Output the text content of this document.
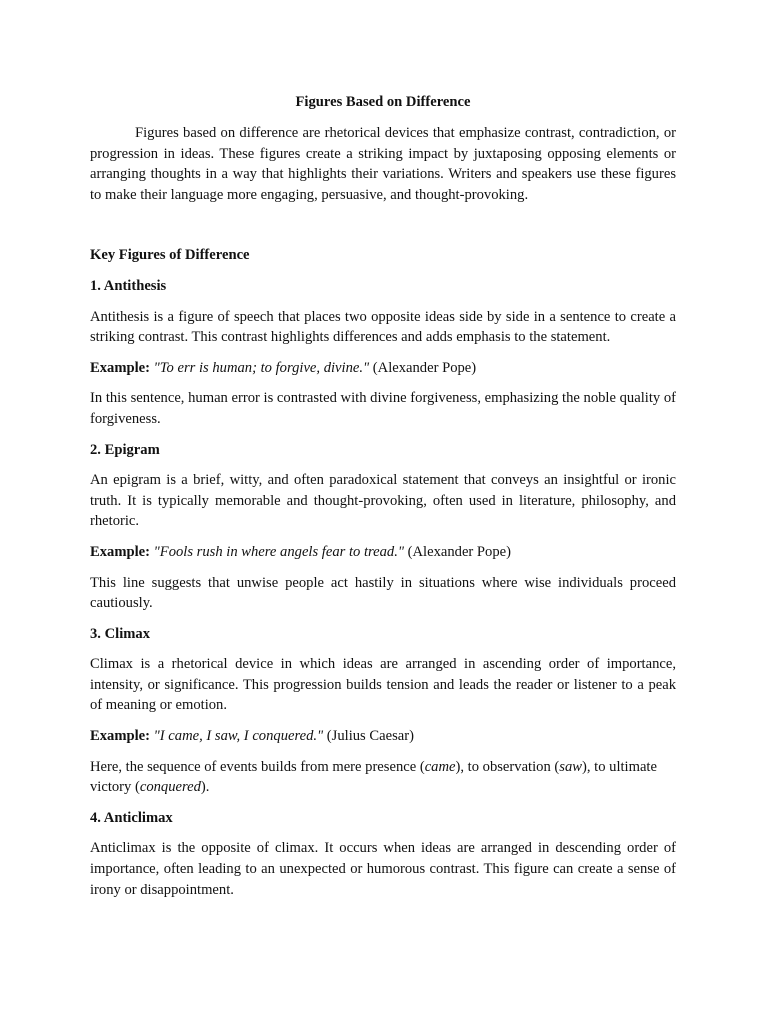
Figures Based on Difference

Figures based on difference are rhetorical devices that emphasize contrast, contradiction, or progression in ideas. These figures create a striking impact by juxtaposing opposing elements or arranging thoughts in a way that highlights their variations. Writers and speakers use these figures to make their language more engaging, persuasive, and thought-provoking.

Key Figures of Difference

1. Antithesis

Antithesis is a figure of speech that places two opposite ideas side by side in a sentence to create a striking contrast. This contrast highlights differences and adds emphasis to the statement.

Example: "To err is human; to forgive, divine." (Alexander Pope)

In this sentence, human error is contrasted with divine forgiveness, emphasizing the noble quality of forgiveness.

2. Epigram

An epigram is a brief, witty, and often paradoxical statement that conveys an insightful or ironic truth. It is typically memorable and thought-provoking, often used in literature, philosophy, and rhetoric.

Example: "Fools rush in where angels fear to tread." (Alexander Pope)

This line suggests that unwise people act hastily in situations where wise individuals proceed cautiously.

3. Climax

Climax is a rhetorical device in which ideas are arranged in ascending order of importance, intensity, or significance. This progression builds tension and leads the reader or listener to a peak of meaning or emotion.

Example: "I came, I saw, I conquered." (Julius Caesar)

Here, the sequence of events builds from mere presence (came), to observation (saw), to ultimate victory (conquered).

4. Anticlimax

Anticlimax is the opposite of climax. It occurs when ideas are arranged in descending order of importance, often leading to an unexpected or humorous contrast. This figure can create a sense of irony or disappointment.
